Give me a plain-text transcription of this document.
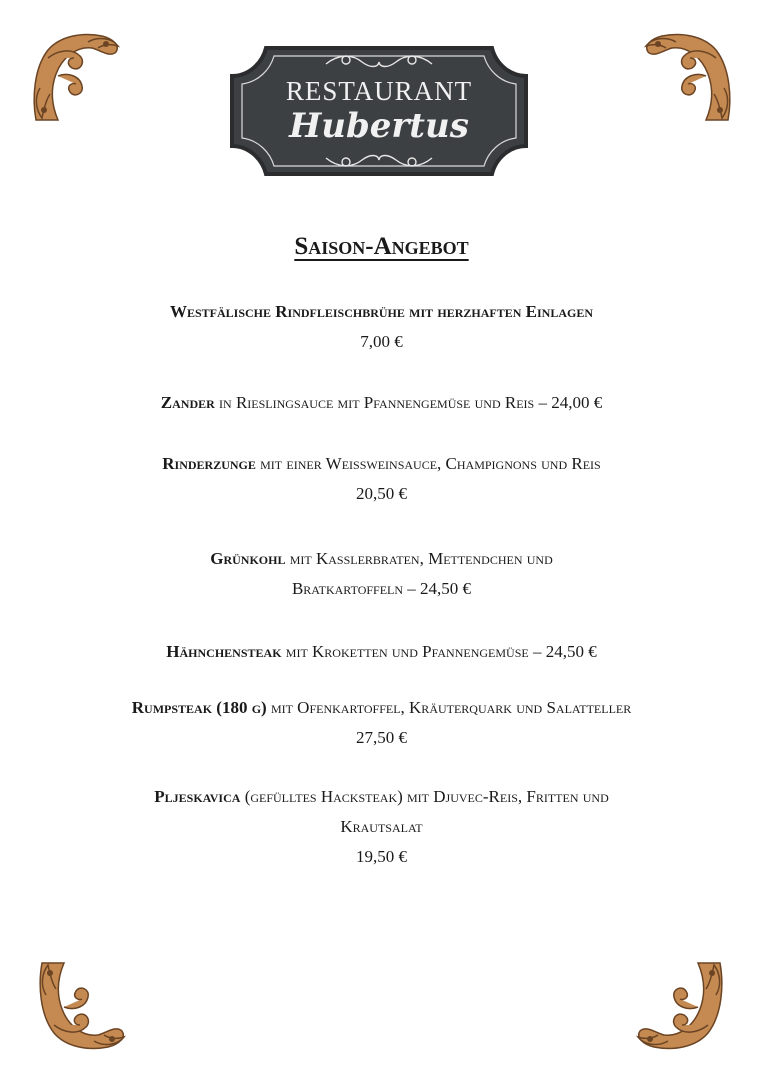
RESTAURANT
Hubertus
Saison-Angebot
Westfälische Rindfleischbrühe mit herzhaften Einlagen
7,00 €
Zander in Rieslingsauce mit Pfannengemüse und Reis – 24,00 €
Rinderzunge mit einer Weißweinsauce, Champignons und Reis
20,50 €
Grünkohl mit Kasslerbraten, Mettendchen und
Bratkartoffeln – 24,50 €
Hähnchensteak mit Kroketten und Pfannengemüse – 24,50 €
Rumpsteak (180 g) mit Ofenkartoffel, Kräuterquark und Salatteller
27,50 €
Pljeskavica (gefülltes Hacksteak) mit Djuvec-Reis, Fritten und
Krautsalat
19,50 €
